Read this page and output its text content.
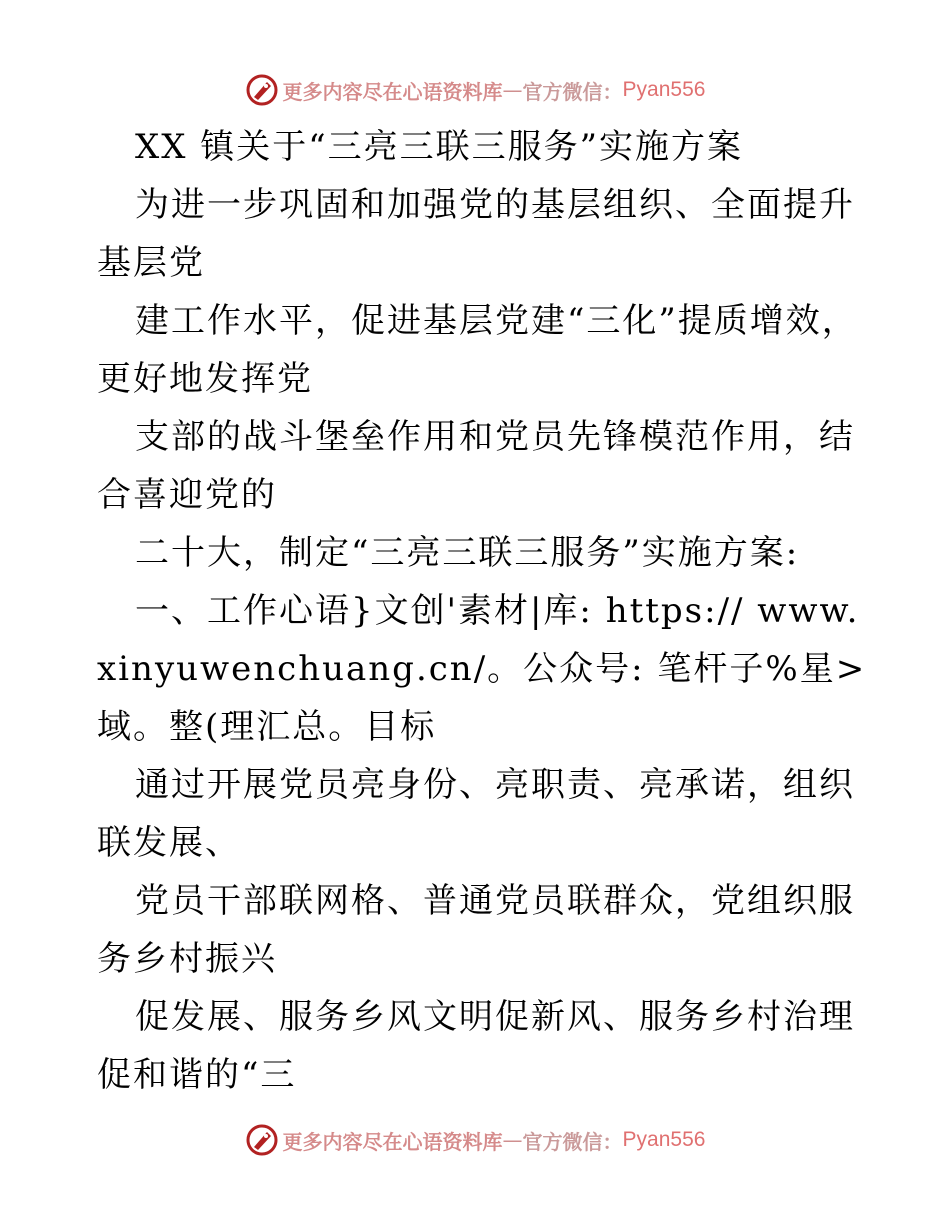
更多内容尽在心语资料库 — 官方微信： Pyan556

XX 镇关于“三亮三联三服务”实施方案

为进一步巩固和加强党的基层组织、全面提升基层党

建工作水平，促进基层党建“三化”提质增效，更好地发挥党

支部的战斗堡垒作用和党员先锋模范作用，结合喜迎党的

二十大，制定“三亮三联三服务”实施方案:

一、工作心语}文创'素材|库: https:// www.xinyuwenchuang.cn/。公众号: 笔杆子%星>域。整(理汇总。目标

通过开展党员亮身份、亮职责、亮承诺，组织联发展、

党员干部联网格、普通党员联群众，党组织服务乡村振兴

促发展、服务乡风文明促新风、服务乡村治理促和谐的“三

更多内容尽在心语资料库 — 官方微信： Pyan556
